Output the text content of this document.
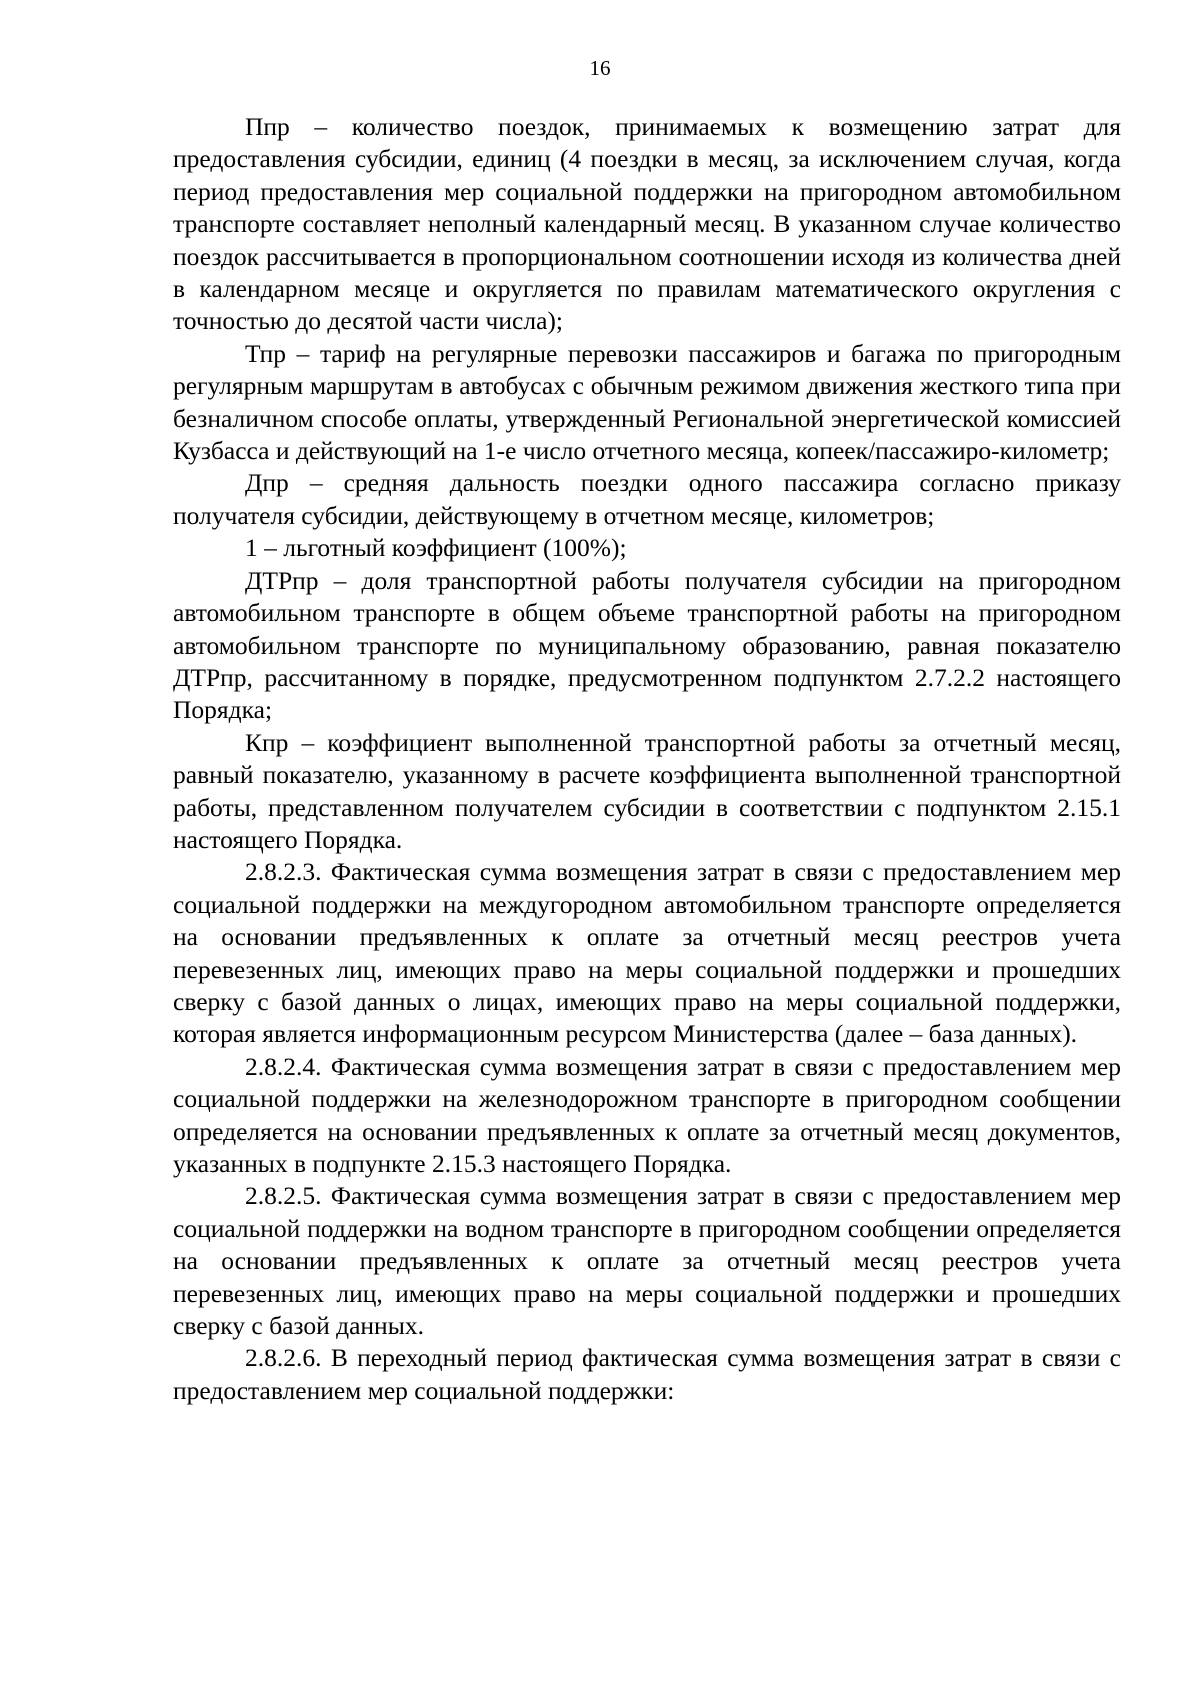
16

Ппр – количество поездок, принимаемых к возмещению затрат для предоставления субсидии, единиц (4 поездки в месяц, за исключением случая, когда период предоставления мер социальной поддержки на пригородном автомобильном транспорте составляет неполный календарный месяц. В указанном случае количество поездок рассчитывается в пропорциональном соотношении исходя из количества дней в календарном месяце и округляется по правилам математического округления с точностью до десятой части числа);

Тпр – тариф на регулярные перевозки пассажиров и багажа по пригородным регулярным маршрутам в автобусах с обычным режимом движения жесткого типа при безналичном способе оплаты, утвержденный Региональной энергетической комиссией Кузбасса и действующий на 1-е число отчетного месяца, копеек/пассажиро-километр;

Дпр – средняя дальность поездки одного пассажира согласно приказу получателя субсидии, действующему в отчетном месяце, километров;

1 – льготный коэффициент (100%);

ДТРпр – доля транспортной работы получателя субсидии на пригородном автомобильном транспорте в общем объеме транспортной работы на пригородном автомобильном транспорте по муниципальному образованию, равная показателю ДТРпр, рассчитанному в порядке, предусмотренном подпунктом 2.7.2.2 настоящего Порядка;

Кпр – коэффициент выполненной транспортной работы за отчетный месяц, равный показателю, указанному в расчете коэффициента выполненной транспортной работы, представленном получателем субсидии в соответствии с подпунктом 2.15.1 настоящего Порядка.

2.8.2.3. Фактическая сумма возмещения затрат в связи с предоставлением мер социальной поддержки на междугородном автомобильном транспорте определяется на основании предъявленных к оплате за отчетный месяц реестров учета перевезенных лиц, имеющих право на меры социальной поддержки и прошедших сверку с базой данных о лицах, имеющих право на меры социальной поддержки, которая является информационным ресурсом Министерства (далее – база данных).

2.8.2.4. Фактическая сумма возмещения затрат в связи с предоставлением мер социальной поддержки на железнодорожном транспорте в пригородном сообщении определяется на основании предъявленных к оплате за отчетный месяц документов, указанных в подпункте 2.15.3 настоящего Порядка.

2.8.2.5. Фактическая сумма возмещения затрат в связи с предоставлением мер социальной поддержки на водном транспорте в пригородном сообщении определяется на основании предъявленных к оплате за отчетный месяц реестров учета перевезенных лиц, имеющих право на меры социальной поддержки и прошедших сверку с базой данных.

2.8.2.6. В переходный период фактическая сумма возмещения затрат в связи с предоставлением мер социальной поддержки:
